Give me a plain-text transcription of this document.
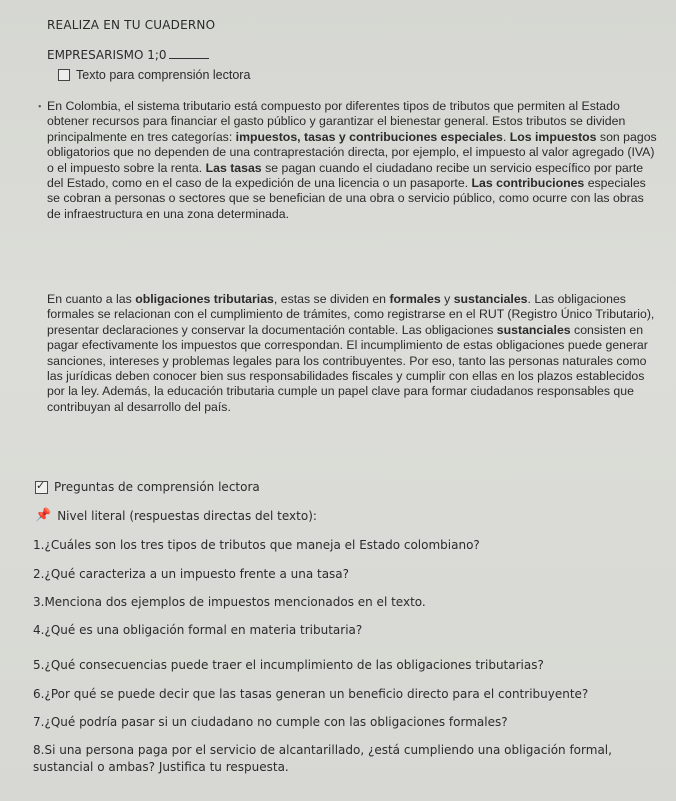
REALIZA EN TU CUADERNO
EMPRESARISMO 1;0
Texto para comprensión lectora
• En Colombia, el sistema tributario está compuesto por diferentes tipos de tributos que permiten al Estado obtener recursos para financiar el gasto público y garantizar el bienestar general. Estos tributos se dividen principalmente en tres categorías: impuestos, tasas y contribuciones especiales. Los impuestos son pagos obligatorios que no dependen de una contraprestación directa, por ejemplo, el impuesto al valor agregado (IVA) o el impuesto sobre la renta. Las tasas se pagan cuando el ciudadano recibe un servicio específico por parte del Estado, como en el caso de la expedición de una licencia o un pasaporte. Las contribuciones especiales se cobran a personas o sectores que se benefician de una obra o servicio público, como ocurre con las obras de infraestructura en una zona determinada.

En cuanto a las obligaciones tributarias, estas se dividen en formales y sustanciales. Las obligaciones formales se relacionan con el cumplimiento de trámites, como registrarse en el RUT (Registro Único Tributario), presentar declaraciones y conservar la documentación contable. Las obligaciones sustanciales consisten en pagar efectivamente los impuestos que correspondan. El incumplimiento de estas obligaciones puede generar sanciones, intereses y problemas legales para los contribuyentes. Por eso, tanto las personas naturales como las jurídicas deben conocer bien sus responsabilidades fiscales y cumplir con ellas en los plazos establecidos por la ley. Además, la educación tributaria cumple un papel clave para formar ciudadanos responsables que contribuyan al desarrollo del país.

✓
Preguntas de comprensión lectora
📌 Nivel literal (respuestas directas del texto):

1.¿Cuáles son los tres tipos de tributos que maneja el Estado colombiano?

2.¿Qué caracteriza a un impuesto frente a una tasa?

3.Menciona dos ejemplos de impuestos mencionados en el texto.

4.¿Qué es una obligación formal en materia tributaria?

5.¿Qué consecuencias puede traer el incumplimiento de las obligaciones tributarias?

6.¿Por qué se puede decir que las tasas generan un beneficio directo para el contribuyente?

7.¿Qué podría pasar si un ciudadano no cumple con las obligaciones formales?

8.Si una persona paga por el servicio de alcantarillado, ¿está cumpliendo una obligación formal, sustancial o ambas? Justifica tu respuesta.
